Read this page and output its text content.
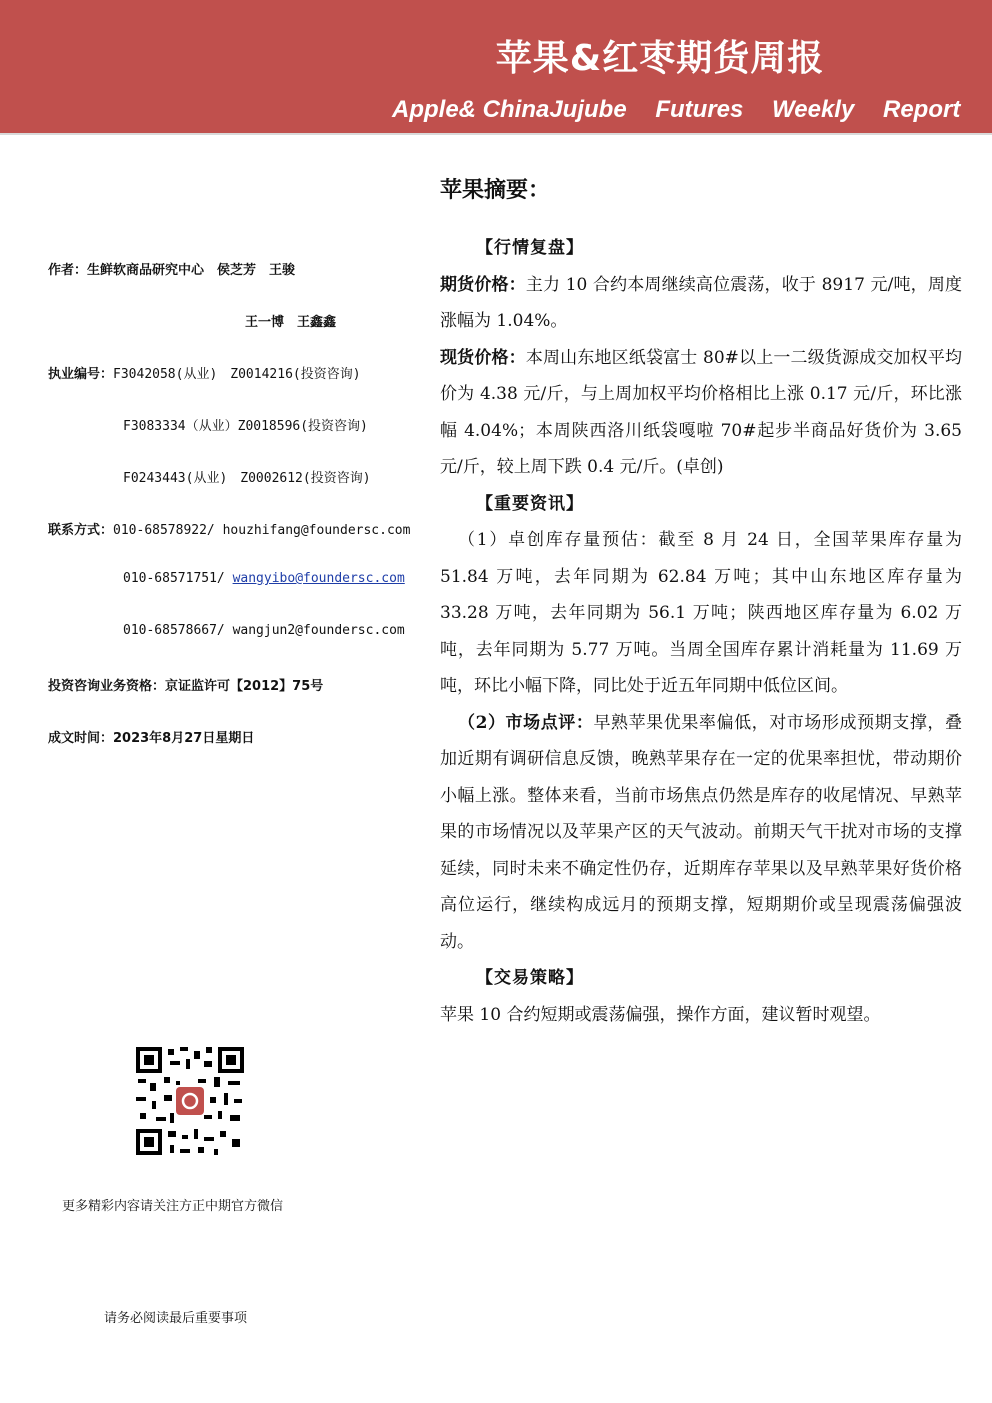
苹果&红枣期货周报
Apple& ChinaJujube Futures Weekly Report
苹果摘要：
作者：生鲜软商品研究中心　侯芝芳　王骏
王一博　王鑫鑫
执业编号：F3042058(从业)　Z0014216(投资咨询)
F3083334（从业）Z0018596(投资咨询)
F0243443(从业)　Z0002612(投资咨询)
联系方式：010-68578922/ houzhifang@foundersc.com
010-68571751/ wangyibo@foundersc.com
010-68578667/ wangjun2@foundersc.com
投资咨询业务资格：京证监许可【2012】75号
成文时间：2023年8月27日星期日

【行情复盘】

期货价格：主力 10 合约本周继续高位震荡，收于 8917 元/吨，周度涨幅为 1.04%。

现货价格：本周山东地区纸袋富士 80#以上一二级货源成交加权平均价为 4.38 元/斤，与上周加权平均价格相比上涨 0.17 元/斤，环比涨幅 4.04%；本周陕西洛川纸袋嘎啦 70#起步半商品好货价为 3.65 元/斤，较上周下跌 0.4 元/斤。(卓创)

【重要资讯】

（1）卓创库存量预估：截至 8 月 24 日，全国苹果库存量为 51.84 万吨，去年同期为 62.84 万吨；其中山东地区库存量为 33.28 万吨，去年同期为 56.1 万吨；陕西地区库存量为 6.02 万吨，去年同期为 5.77 万吨。当周全国库存累计消耗量为 11.69 万吨，环比小幅下降，同比处于近五年同期中低位区间。

（2）市场点评：早熟苹果优果率偏低，对市场形成预期支撑，叠加近期有调研信息反馈，晚熟苹果存在一定的优果率担忧，带动期价小幅上涨。整体来看，当前市场焦点仍然是库存的收尾情况、早熟苹果的市场情况以及苹果产区的天气波动。前期天气干扰对市场的支撑延续，同时未来不确定性仍存，近期库存苹果以及早熟苹果好货价格高位运行，继续构成远月的预期支撑，短期期价或呈现震荡偏强波动。

【交易策略】

苹果 10 合约短期或震荡偏强，操作方面，建议暂时观望。

更多精彩内容请关注方正中期官方微信
请务必阅读最后重要事项
